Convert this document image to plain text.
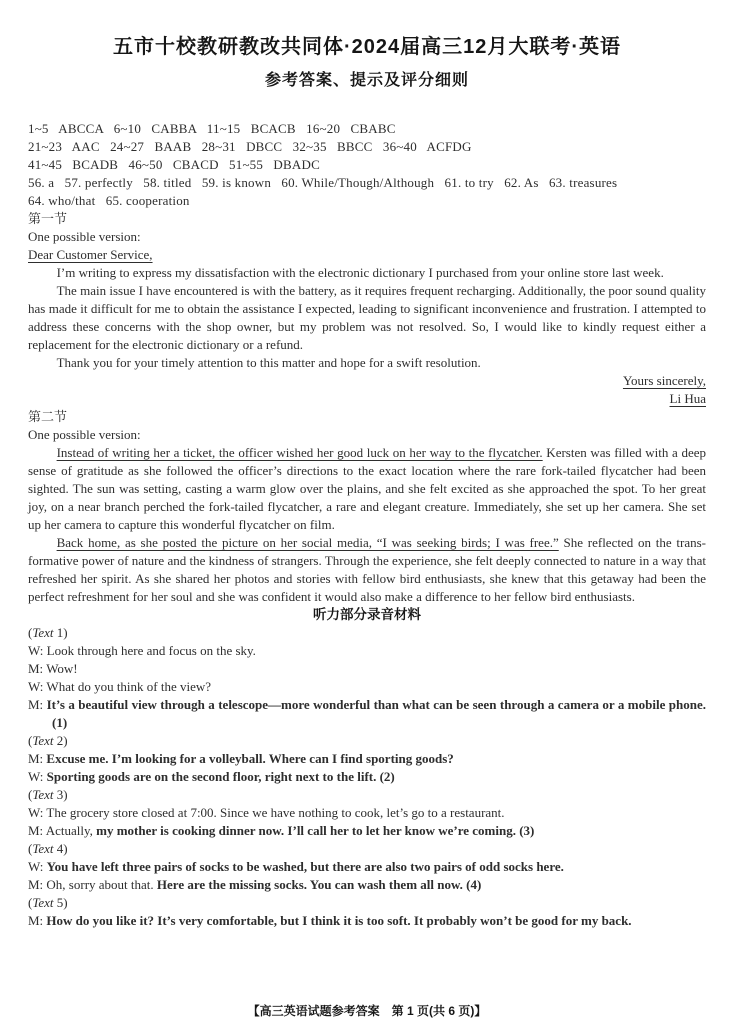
五市十校教研教改共同体·2024届高三12月大联考·英语
参考答案、提示及评分细则
1~5   ABCCA   6~10   CABBA   11~15   BCACB   16~20   CBABC
21~23   AAC   24~27   BAAB   28~31   DBCC   32~35   BBCC   36~40   ACFDG
41~45   BCADB   46~50   CBACD   51~55   DBADC
56. a   57. perfectly   58. titled   59. is known   60. While/Though/Although   61. to try   62. As   63. treasures
64. who/that   65. cooperation
第一节
One possible version:
Dear Customer Service,

I’m writing to express my dissatisfaction with the electronic dictionary I purchased from your online store last week.

The main issue I have encountered is with the battery, as it requires frequent recharging. Additionally, the poor sound quality has made it difficult for me to obtain the assistance I expected, leading to significant inconvenience and frustration. I attempted to address these concerns with the shop owner, but my problem was not resolved. So, I would like to kindly request either a replacement for the electronic dictionary or a refund.

Thank you for your timely attention to this matter and hope for a swift resolution.

Yours sincerely,
Li Hua
第二节
One possible version:

Instead of writing her a ticket, the officer wished her good luck on her way to the flycatcher. Kersten was filled with a deep sense of gratitude as she followed the officer’s directions to the exact location where the rare fork-tailed flycatcher had been sighted. The sun was setting, casting a warm glow over the plains, and she felt excited as she approached the spot. To her great joy, on a near branch perched the fork-tailed flycatcher, a rare and elegant creature. Immediately, she set up her camera. She set up her camera to capture this wonderful flycatcher on film.

Back home, as she posted the picture on her social media, “I was seeking birds; I was free.” She reflected on the trans-formative power of nature and the kindness of strangers. Through the experience, she felt deeply connected to nature in a way that refreshed her spirit. As she shared her photos and stories with fellow bird enthusiasts, she knew that this getaway had been the perfect refreshment for her soul and she was confident it would also make a difference to her fellow bird enthusiasts.

听力部分录音材料
(Text 1)
W: Look through here and focus on the sky.
M: Wow!
W: What do you think of the view?
M: It’s a beautiful view through a telescope—more wonderful than what can be seen through a camera or a mobile phone. (1)
(Text 2)
M: Excuse me. I’m looking for a volleyball. Where can I find sporting goods?
W: Sporting goods are on the second floor, right next to the lift. (2)
(Text 3)
W: The grocery store closed at 7:00. Since we have nothing to cook, let’s go to a restaurant.
M: Actually, my mother is cooking dinner now. I’ll call her to let her know we’re coming. (3)
(Text 4)
W: You have left three pairs of socks to be washed, but there are also two pairs of odd socks here.
M: Oh, sorry about that. Here are the missing socks. You can wash them all now. (4)
(Text 5)
M: How do you like it? It’s very comfortable, but I think it is too soft. It probably won’t be good for my back.
【高三英语试题参考答案　第 1 页(共 6 页)】
